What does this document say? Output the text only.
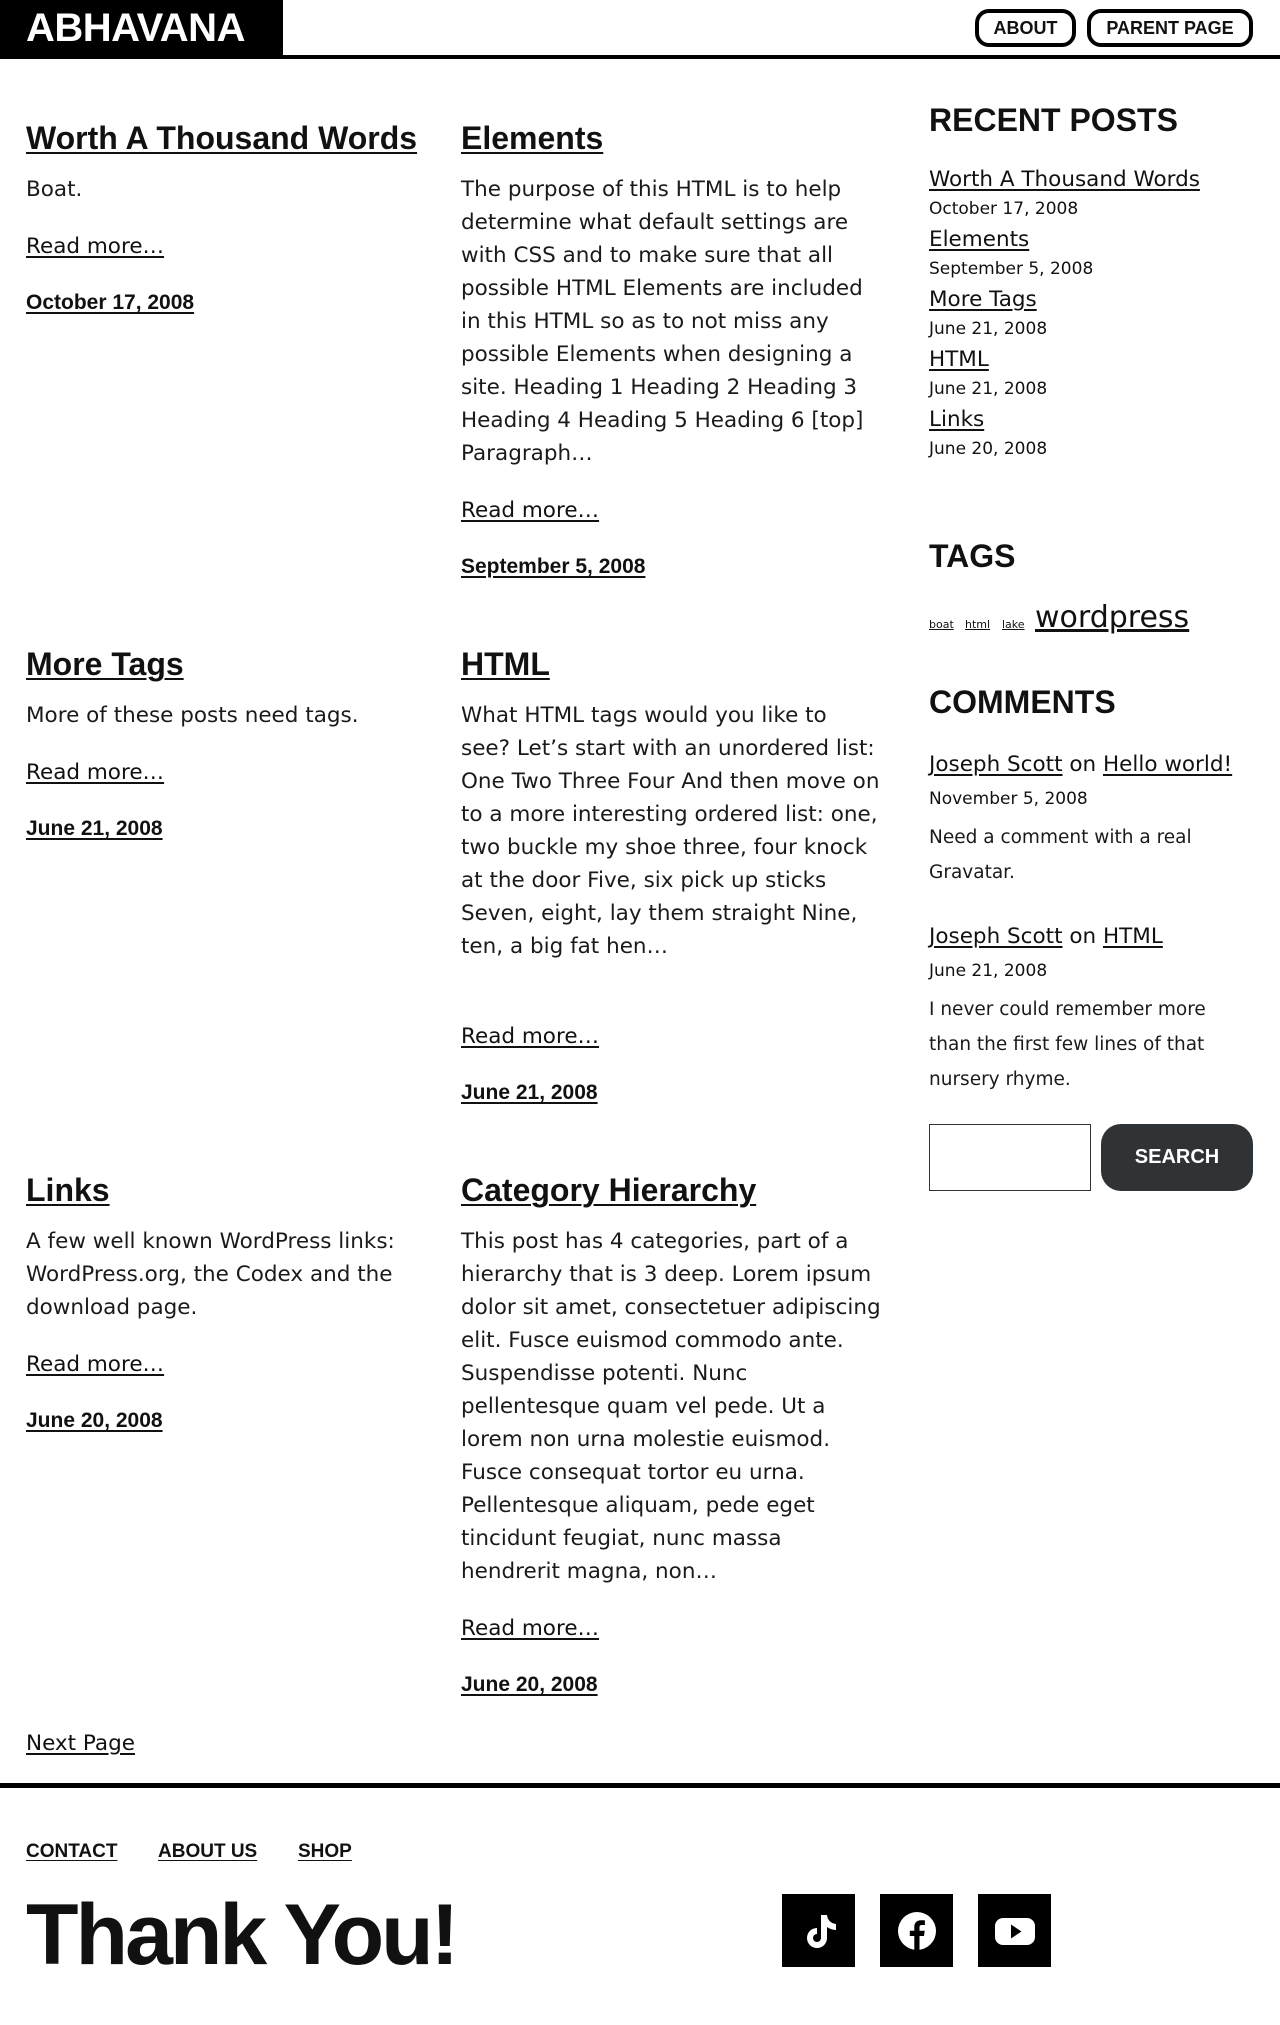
ABHAVANA	ABOUT	PARENT PAGE
Worth A Thousand Words

Boat.

Read more…
October 17, 2008
More Tags

More of these posts need tags.

Read more…
June 21, 2008
Links

A few well known WordPress links: WordPress.org, the Codex and the download page.

Read more…
June 20, 2008
Elements

The purpose of this HTML is to help determine what default settings are with CSS and to make sure that all possible HTML Elements are included in this HTML so as to not miss any possible Elements when designing a site. Heading 1 Heading 2 Heading 3 Heading 4 Heading 5 Heading 6 [top] Paragraph…

Read more…
September 5, 2008
HTML

What HTML tags would you like to see? Let’s start with an unordered list: One Two Three Four And then move on to a more interesting ordered list: one, two buckle my shoe three, four knock at the door Five, six pick up sticks Seven, eight, lay them straight Nine, ten, a big fat hen…

Read more…
June 21, 2008
Category Hierarchy

This post has 4 categories, part of a hierarchy that is 3 deep. Lorem ipsum dolor sit amet, consectetuer adipiscing elit. Fusce euismod commodo ante. Suspendisse potenti. Nunc pellentesque quam vel pede. Ut a lorem non urna molestie euismod. Fusce consequat tortor eu urna. Pellentesque aliquam, pede eget tincidunt feugiat, nunc massa hendrerit magna, non…

Read more…
June 20, 2008
Next Page
RECENT POSTS
Worth A Thousand Words
October 17, 2008
Elements
September 5, 2008
More Tags
June 21, 2008
HTML
June 21, 2008
Links
June 20, 2008
TAGS
boat html lake wordpress
COMMENTS
Joseph Scott on Hello world!
November 5, 2008
Need a comment with a real Gravatar.
Joseph Scott on HTML
June 21, 2008
I never could remember more than the first few lines of that nursery rhyme.
SEARCH
CONTACT ABOUT US SHOP
Thank You!
